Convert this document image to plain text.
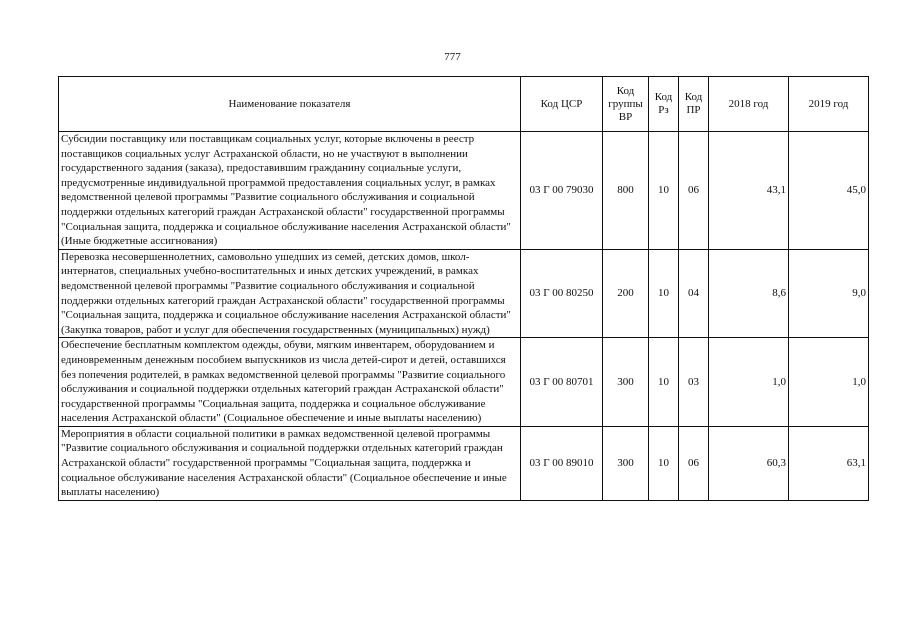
777
Наименование показателя	Код ЦСР	Код группы ВР	Код Рз	Код ПР	2018 год	2019 год
Субсидии поставщику или поставщикам социальных услуг, которые включены в реестр поставщиков социальных услуг Астраханской области, но не участвуют в выполнении государственного задания (заказа), предоставившим гражданину социальные услуги, предусмотренные индивидуальной программой предоставления социальных услуг, в рамках ведомственной целевой программы "Развитие социального обслуживания и социальной поддержки отдельных категорий граждан Астраханской области" государственной программы "Социальная защита, поддержка и социальное обслуживание населения Астраханской области" (Иные бюджетные ассигнования)	03 Г 00 79030	800	10	06	43,1	45,0
Перевозка несовершеннолетних, самовольно ушедших из семей, детских домов, школ-интернатов, специальных учебно-воспитательных и иных детских учреждений, в рамках ведомственной целевой программы "Развитие социального обслуживания и социальной поддержки отдельных категорий граждан Астраханской области" государственной программы "Социальная защита, поддержка и социальное обслуживание населения Астраханской области" (Закупка товаров, работ и услуг для обеспечения государственных (муниципальных) нужд)	03 Г 00 80250	200	10	04	8,6	9,0
Обеспечение бесплатным комплектом одежды, обуви, мягким инвентарем, оборудованием и единовременным денежным пособием выпускников из числа детей-сирот и детей, оставшихся без попечения родителей, в рамках ведомственной целевой программы "Развитие социального обслуживания и социальной поддержки отдельных категорий граждан Астраханской области" государственной программы "Социальная защита, поддержка и социальное обслуживание населения Астраханской области" (Социальное обеспечение и иные выплаты населению)	03 Г 00 80701	300	10	03	1,0	1,0
Мероприятия в области социальной политики в рамках ведомственной целевой программы "Развитие социального обслуживания и социальной поддержки отдельных категорий граждан Астраханской области" государственной программы "Социальная защита, поддержка и социальное обслуживание населения Астраханской области" (Социальное обеспечение и иные выплаты населению)	03 Г 00 89010	300	10	06	60,3	63,1
